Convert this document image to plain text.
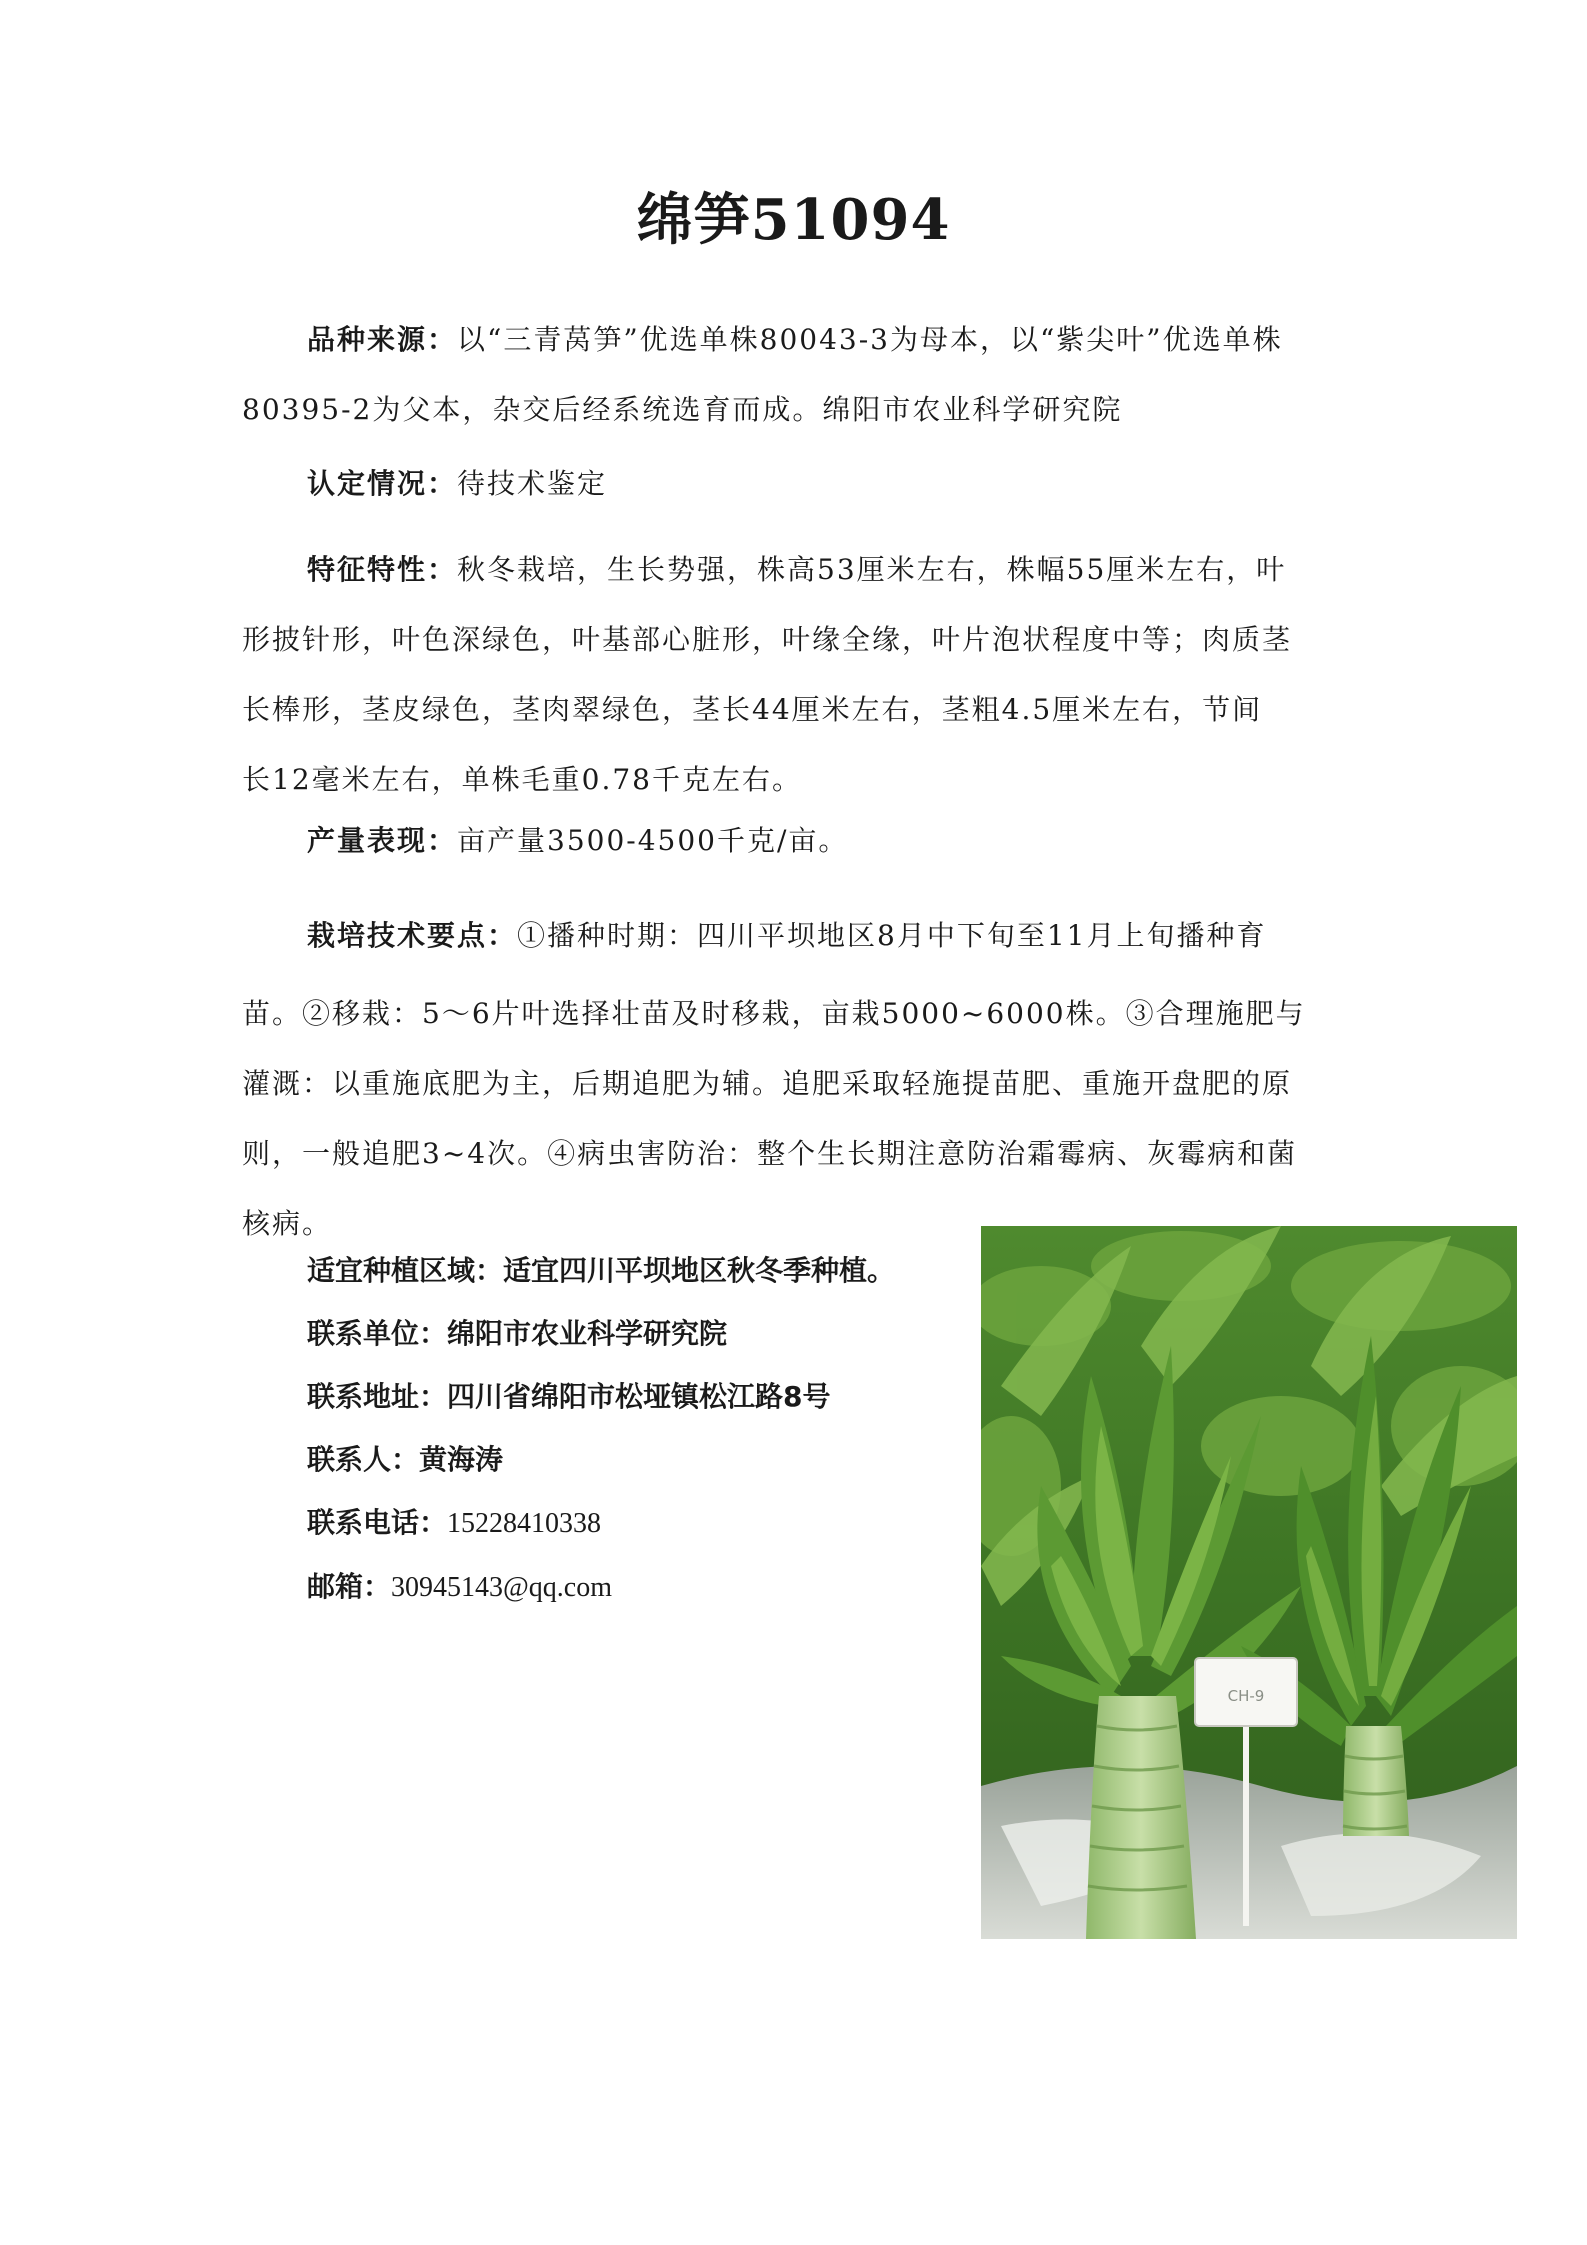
绵笋51094
品种来源：以“三青莴笋”优选单株80043-3为母本，以“紫尖叶”优选单株
80395-2为父本，杂交后经系统选育而成。绵阳市农业科学研究院
认定情况：待技术鉴定
特征特性：秋冬栽培，生长势强，株高53厘米左右，株幅55厘米左右，叶
形披针形，叶色深绿色，叶基部心脏形，叶缘全缘，叶片泡状程度中等；肉质茎
长棒形，茎皮绿色，茎肉翠绿色，茎长44厘米左右，茎粗4.5厘米左右，节间
长12毫米左右，单株毛重0.78千克左右。
产量表现：亩产量3500-4500千克/亩。
栽培技术要点：①播种时期：四川平坝地区8月中下旬至11月上旬播种育
苗。②移栽：5～6片叶选择壮苗及时移栽，亩栽5000~6000株。③合理施肥与
灌溉：以重施底肥为主，后期追肥为辅。追肥采取轻施提苗肥、重施开盘肥的原
则，一般追肥3~4次。④病虫害防治：整个生长期注意防治霜霉病、灰霉病和菌
核病。
适宜种植区域：适宜四川平坝地区秋冬季种植。
联系单位：绵阳市农业科学研究院
联系地址：四川省绵阳市松垭镇松江路8号
联系人：黄海涛
联系电话：15228410338
邮箱：30945143@qq.com
CH-9
